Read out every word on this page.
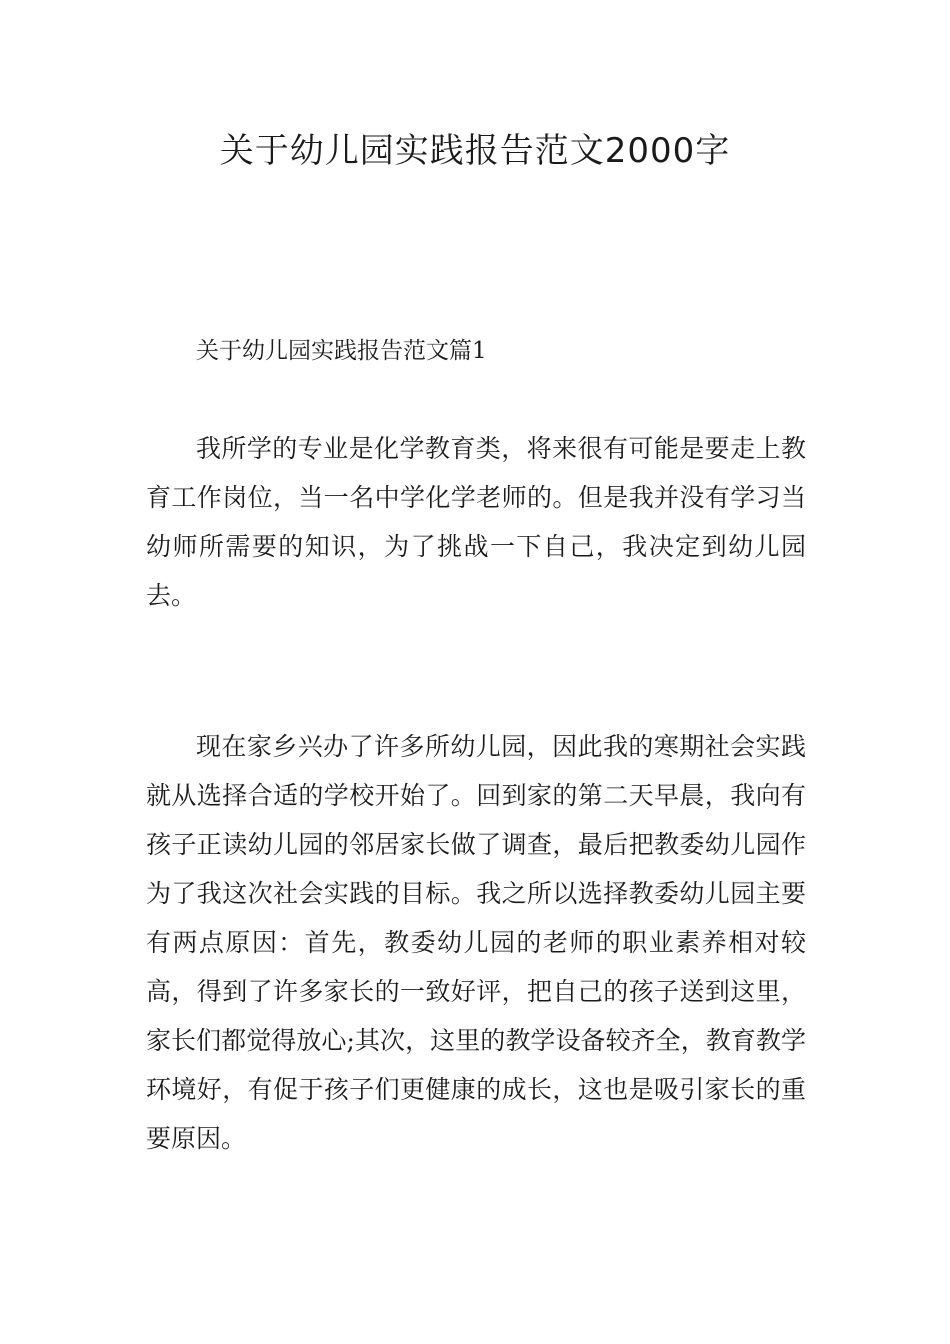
关于幼儿园实践报告范文2000字
关于幼儿园实践报告范文篇1

我所学的专业是化学教育类，将来很有可能是要走上教育工作岗位，当一名中学化学老师的。但是我并没有学习当幼师所需要的知识，为了挑战一下自己，我决定到幼儿园去。

现在家乡兴办了许多所幼儿园，因此我的寒期社会实践就从选择合适的学校开始了。回到家的第二天早晨，我向有孩子正读幼儿园的邻居家长做了调查，最后把教委幼儿园作为了我这次社会实践的目标。我之所以选择教委幼儿园主要有两点原因：首先，教委幼儿园的老师的职业素养相对较高，得到了许多家长的一致好评，把自己的孩子送到这里，家长们都觉得放心;其次，这里的教学设备较齐全，教育教学环境好，有促于孩子们更健康的成长，这也是吸引家长的重要原因。
